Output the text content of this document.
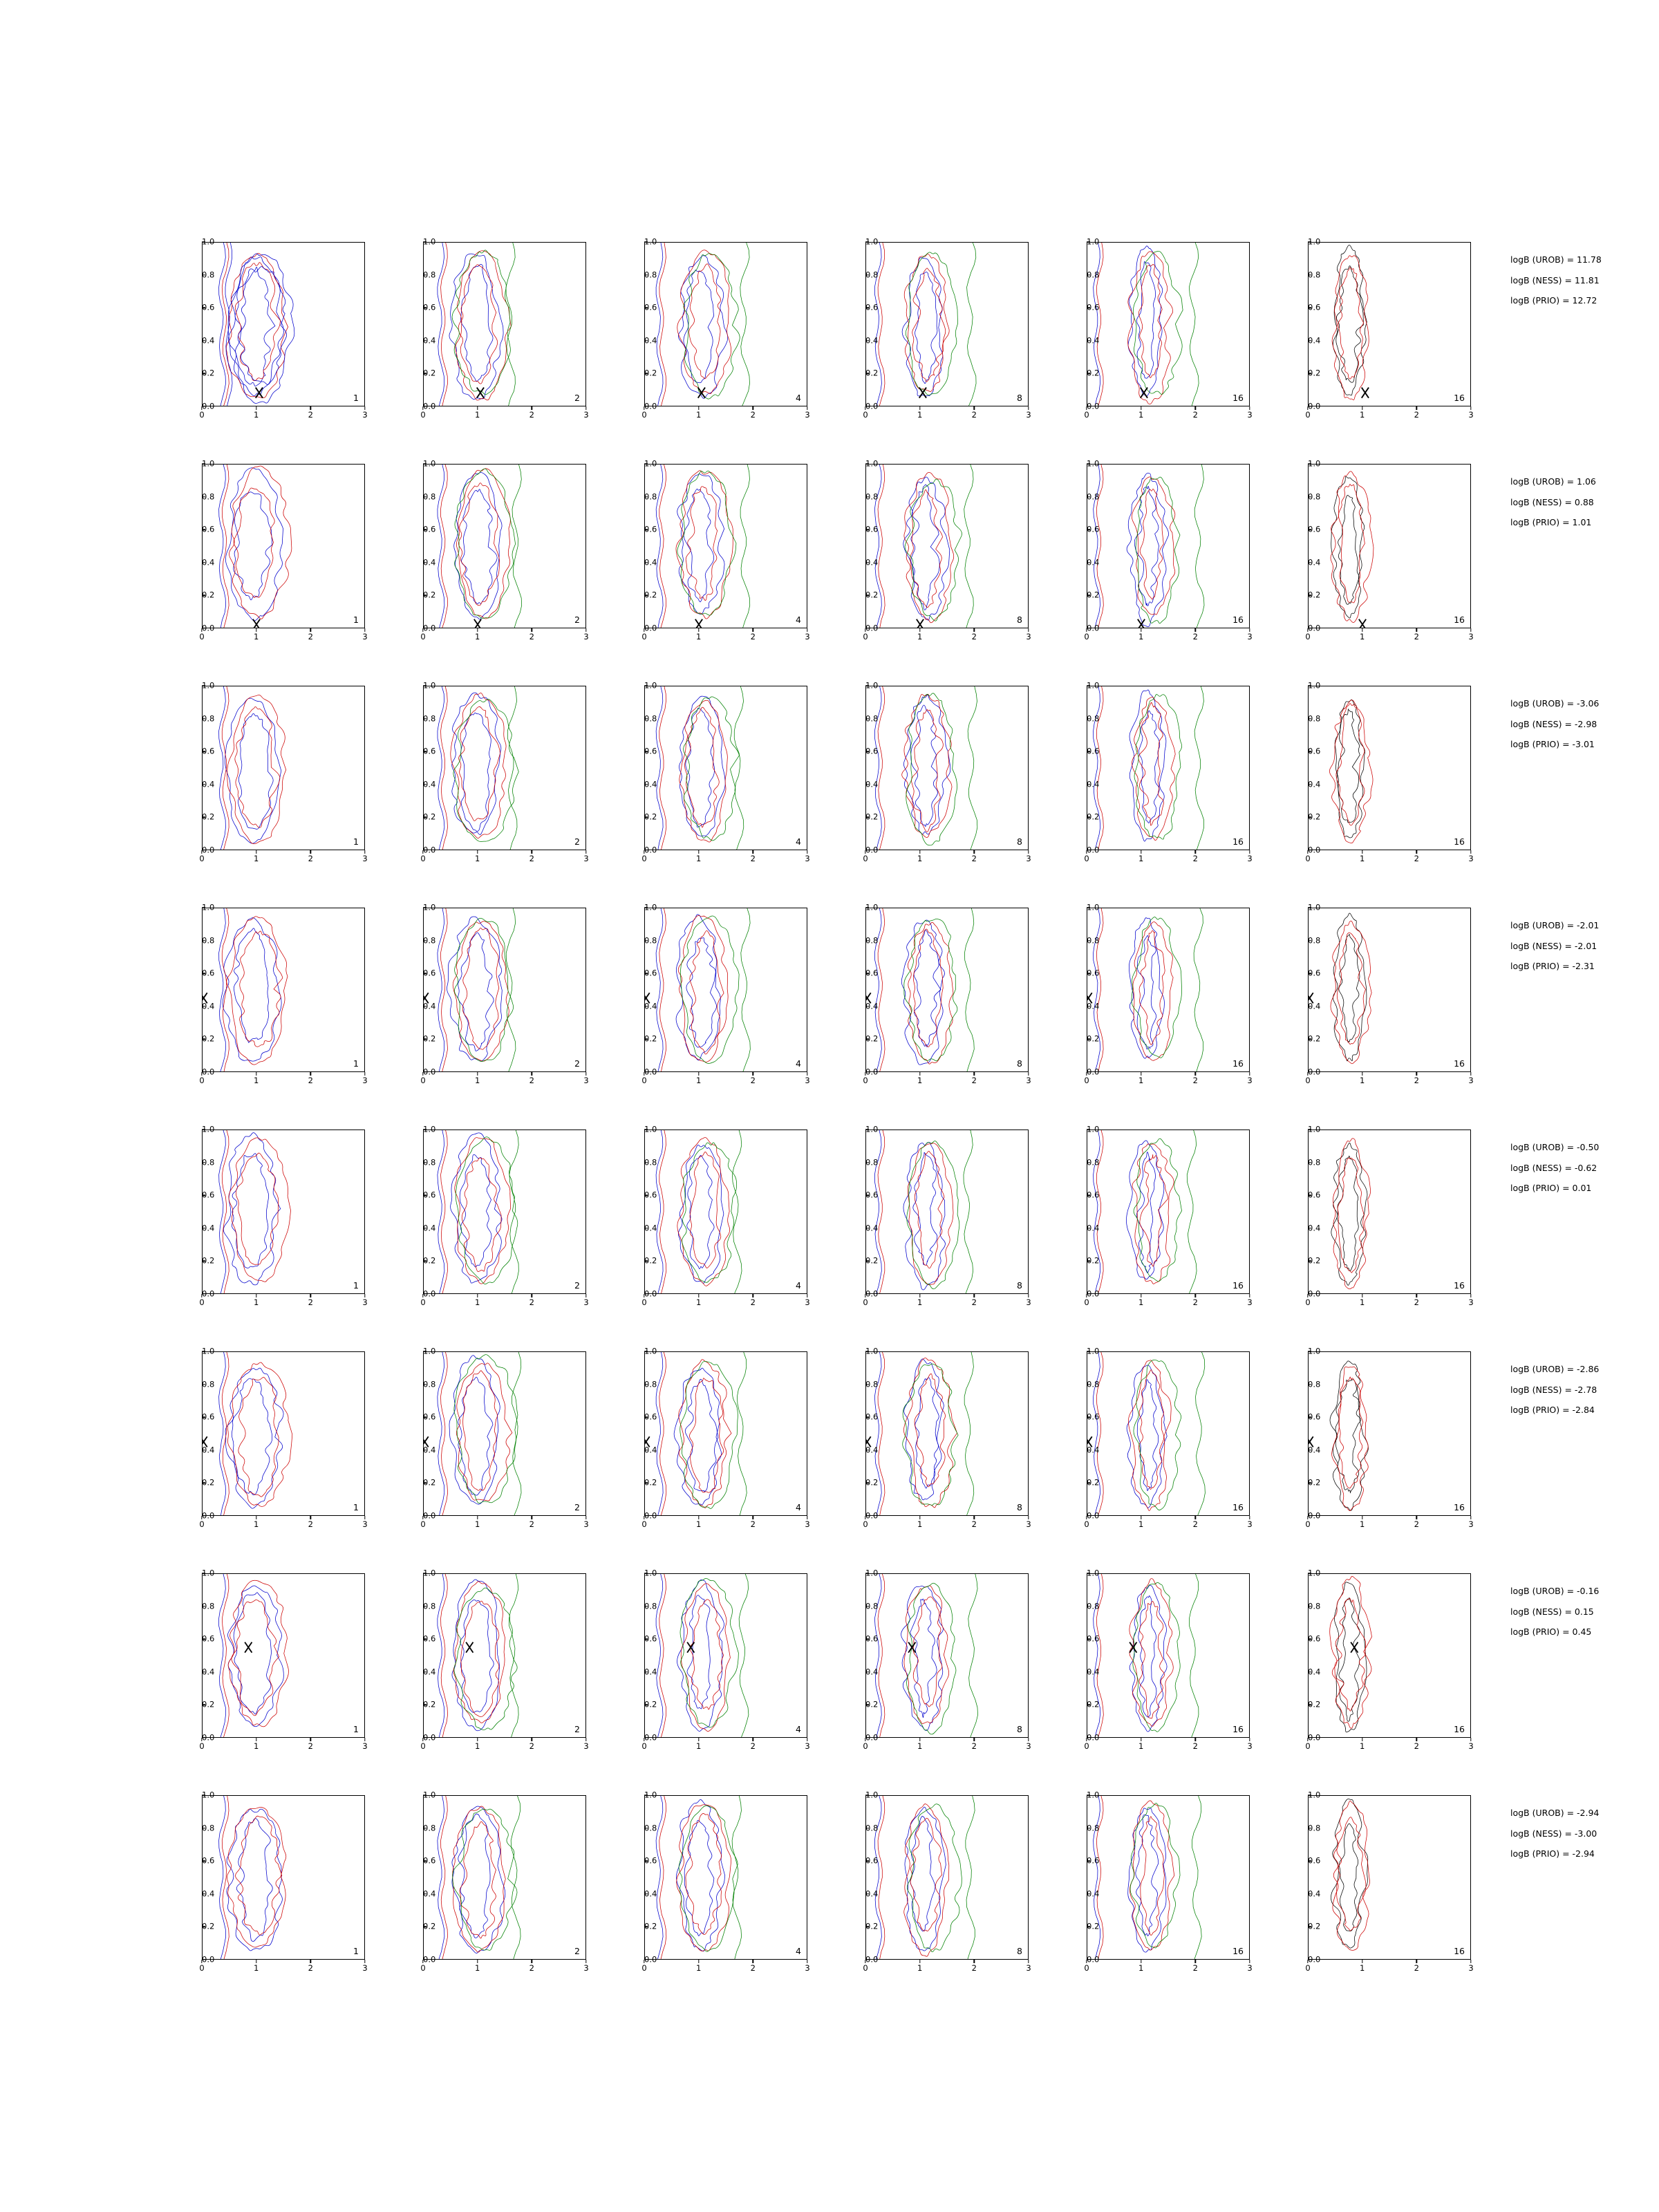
1
0	1	2	3
2
0	1	2	3
4
0	1	2	3
8
0	1	2	3
16
0	1	2	3
16
0	1	2	3
1
0	1	2	3
2
0	1	2	3
4
0	1	2	3
8
0	1	2	3
16
0	1	2	3
16
0	1	2	3
1
0	1	2	3
2
0	1	2	3
4
0	1	2	3
8
0	1	2	3
16
0	1	2	3
16
0	1	2	3
1
0	1	2	3
2
0	1	2	3
4
0	1	2	3
8
0	1	2	3
16
0	1	2	3
16
0	1	2	3
1
0	1	2	3
2
0	1	2	3
4
0	1	2	3
8
0	1	2	3
16
0	1	2	3
16
0	1	2	3
1
0	1	2	3
2
0	1	2	3
4
0	1	2	3
8
0	1	2	3
16
0	1	2	3
16
0	1	2	3
1
0	1	2	3
2
0	1	2	3
4
0	1	2	3
8
0	1	2	3
16
0	1	2	3
16
0	1	2	3
1
0	1	2	3
2
0	1	2	3
4
0	1	2	3
8
0	1	2	3
16
0	1	2	3
16
0	1	2	3
logB (UROB) = 11.78
logB (NESS) = 11.81
logB (PRIO) = 12.72
logB (UROB) = 1.06
logB (NESS) = 0.88
logB (PRIO) = 1.01
logB (UROB) = -3.06
logB (NESS) = -2.98
logB (PRIO) = -3.01
logB (UROB) = -2.01
logB (NESS) = -2.01
logB (PRIO) = -2.31
logB (UROB) = -0.50
logB (NESS) = -0.62
logB (PRIO) = 0.01
logB (UROB) = -2.86
logB (NESS) = -2.78
logB (PRIO) = -2.84
logB (UROB) = -0.16
logB (NESS) = 0.15
logB (PRIO) = 0.45
logB (UROB) = -2.94
logB (NESS) = -3.00
logB (PRIO) = -2.94
